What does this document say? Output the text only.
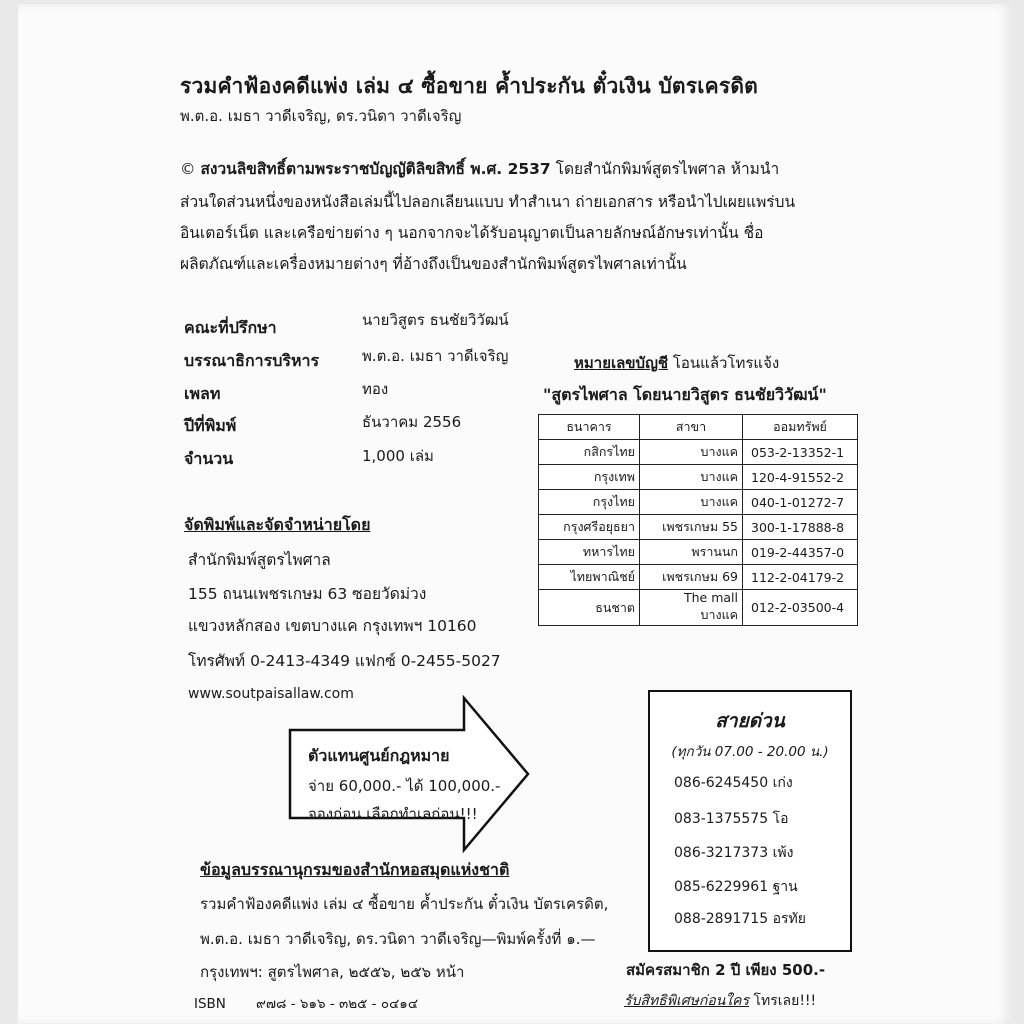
รวมคำฟ้องคดีแพ่ง เล่ม ๔ ซื้อขาย ค้ำประกัน ตั๋วเงิน บัตรเครดิต
พ.ต.อ. เมธา วาดีเจริญ, ดร.วนิดา วาดีเจริญ
© สงวนลิขสิทธิ์ตามพระราชบัญญัติลิขสิทธิ์ พ.ศ. 2537 โดยสำนักพิมพ์สูตรไพศาล ห้ามนำ
ส่วนใดส่วนหนึ่งของหนังสือเล่มนี้ไปลอกเลียนแบบ ทำสำเนา ถ่ายเอกสาร หรือนำไปเผยแพร่บน
อินเตอร์เน็ต และเครือข่ายต่าง ๆ นอกจากจะได้รับอนุญาตเป็นลายลักษณ์อักษรเท่านั้น ชื่อ
ผลิตภัณฑ์และเครื่องหมายต่างๆ ที่อ้างถึงเป็นของสำนักพิมพ์สูตรไพศาลเท่านั้น
คณะที่ปรึกษา	นายวิสูตร ธนชัยวิวัฒน์
บรรณาธิการบริหาร	พ.ต.อ. เมธา วาดีเจริญ
เพลท	ทอง
ปีที่พิมพ์	ธันวาคม 2556
จำนวน	1,000 เล่ม
หมายเลขบัญชี โอนแล้วโทรแจ้ง
"สูตรไพศาล โดยนายวิสูตร ธนชัยวิวัฒน์"
ธนาคาร	สาขา	ออมทรัพย์
กสิกรไทย	บางแค	053-2-13352-1
กรุงเทพ	บางแค	120-4-91552-2
กรุงไทย	บางแค	040-1-01272-7
กรุงศรีอยุธยา	เพชรเกษม 55	300-1-17888-8
ทหารไทย	พรานนก	019-2-44357-0
ไทยพาณิชย์	เพชรเกษม 69	112-2-04179-2
ธนชาต	The mall บางแค	012-2-03500-4
จัดพิมพ์และจัดจำหน่ายโดย
สำนักพิมพ์สูตรไพศาล
155 ถนนเพชรเกษม 63 ซอยวัดม่วง
แขวงหลักสอง เขตบางแค กรุงเทพฯ 10160
โทรศัพท์ 0-2413-4349 แฟกซ์ 0-2455-5027
www.soutpaisallaw.com
ตัวแทนศูนย์กฎหมาย
จ่าย 60,000.- ได้ 100,000.-
จองก่อน เลือกทำเลก่อน!!!
สายด่วน
(ทุกวัน 07.00 - 20.00 น.)
086-6245450 เก่ง
083-1375575 โอ
086-3217373 เพ้ง
085-6229961 ฐาน
088-2891715 อรทัย
ข้อมูลบรรณานุกรมของสำนักหอสมุดแห่งชาติ
รวมคำฟ้องคดีแพ่ง เล่ม ๔ ซื้อขาย ค้ำประกัน ตั๋วเงิน บัตรเครดิต,
พ.ต.อ. เมธา วาดีเจริญ, ดร.วนิดา วาดีเจริญ—พิมพ์ครั้งที่ ๑.—
กรุงเทพฯ: สูตรไพศาล, ๒๕๕๖, ๒๕๖ หน้า
ISBN ๙๗๘ - ๖๑๖ - ๓๒๕ - ๐๔๑๔
สมัครสมาชิก 2 ปี เพียง 500.-
รับสิทธิพิเศษก่อนใคร โทรเลย!!!
